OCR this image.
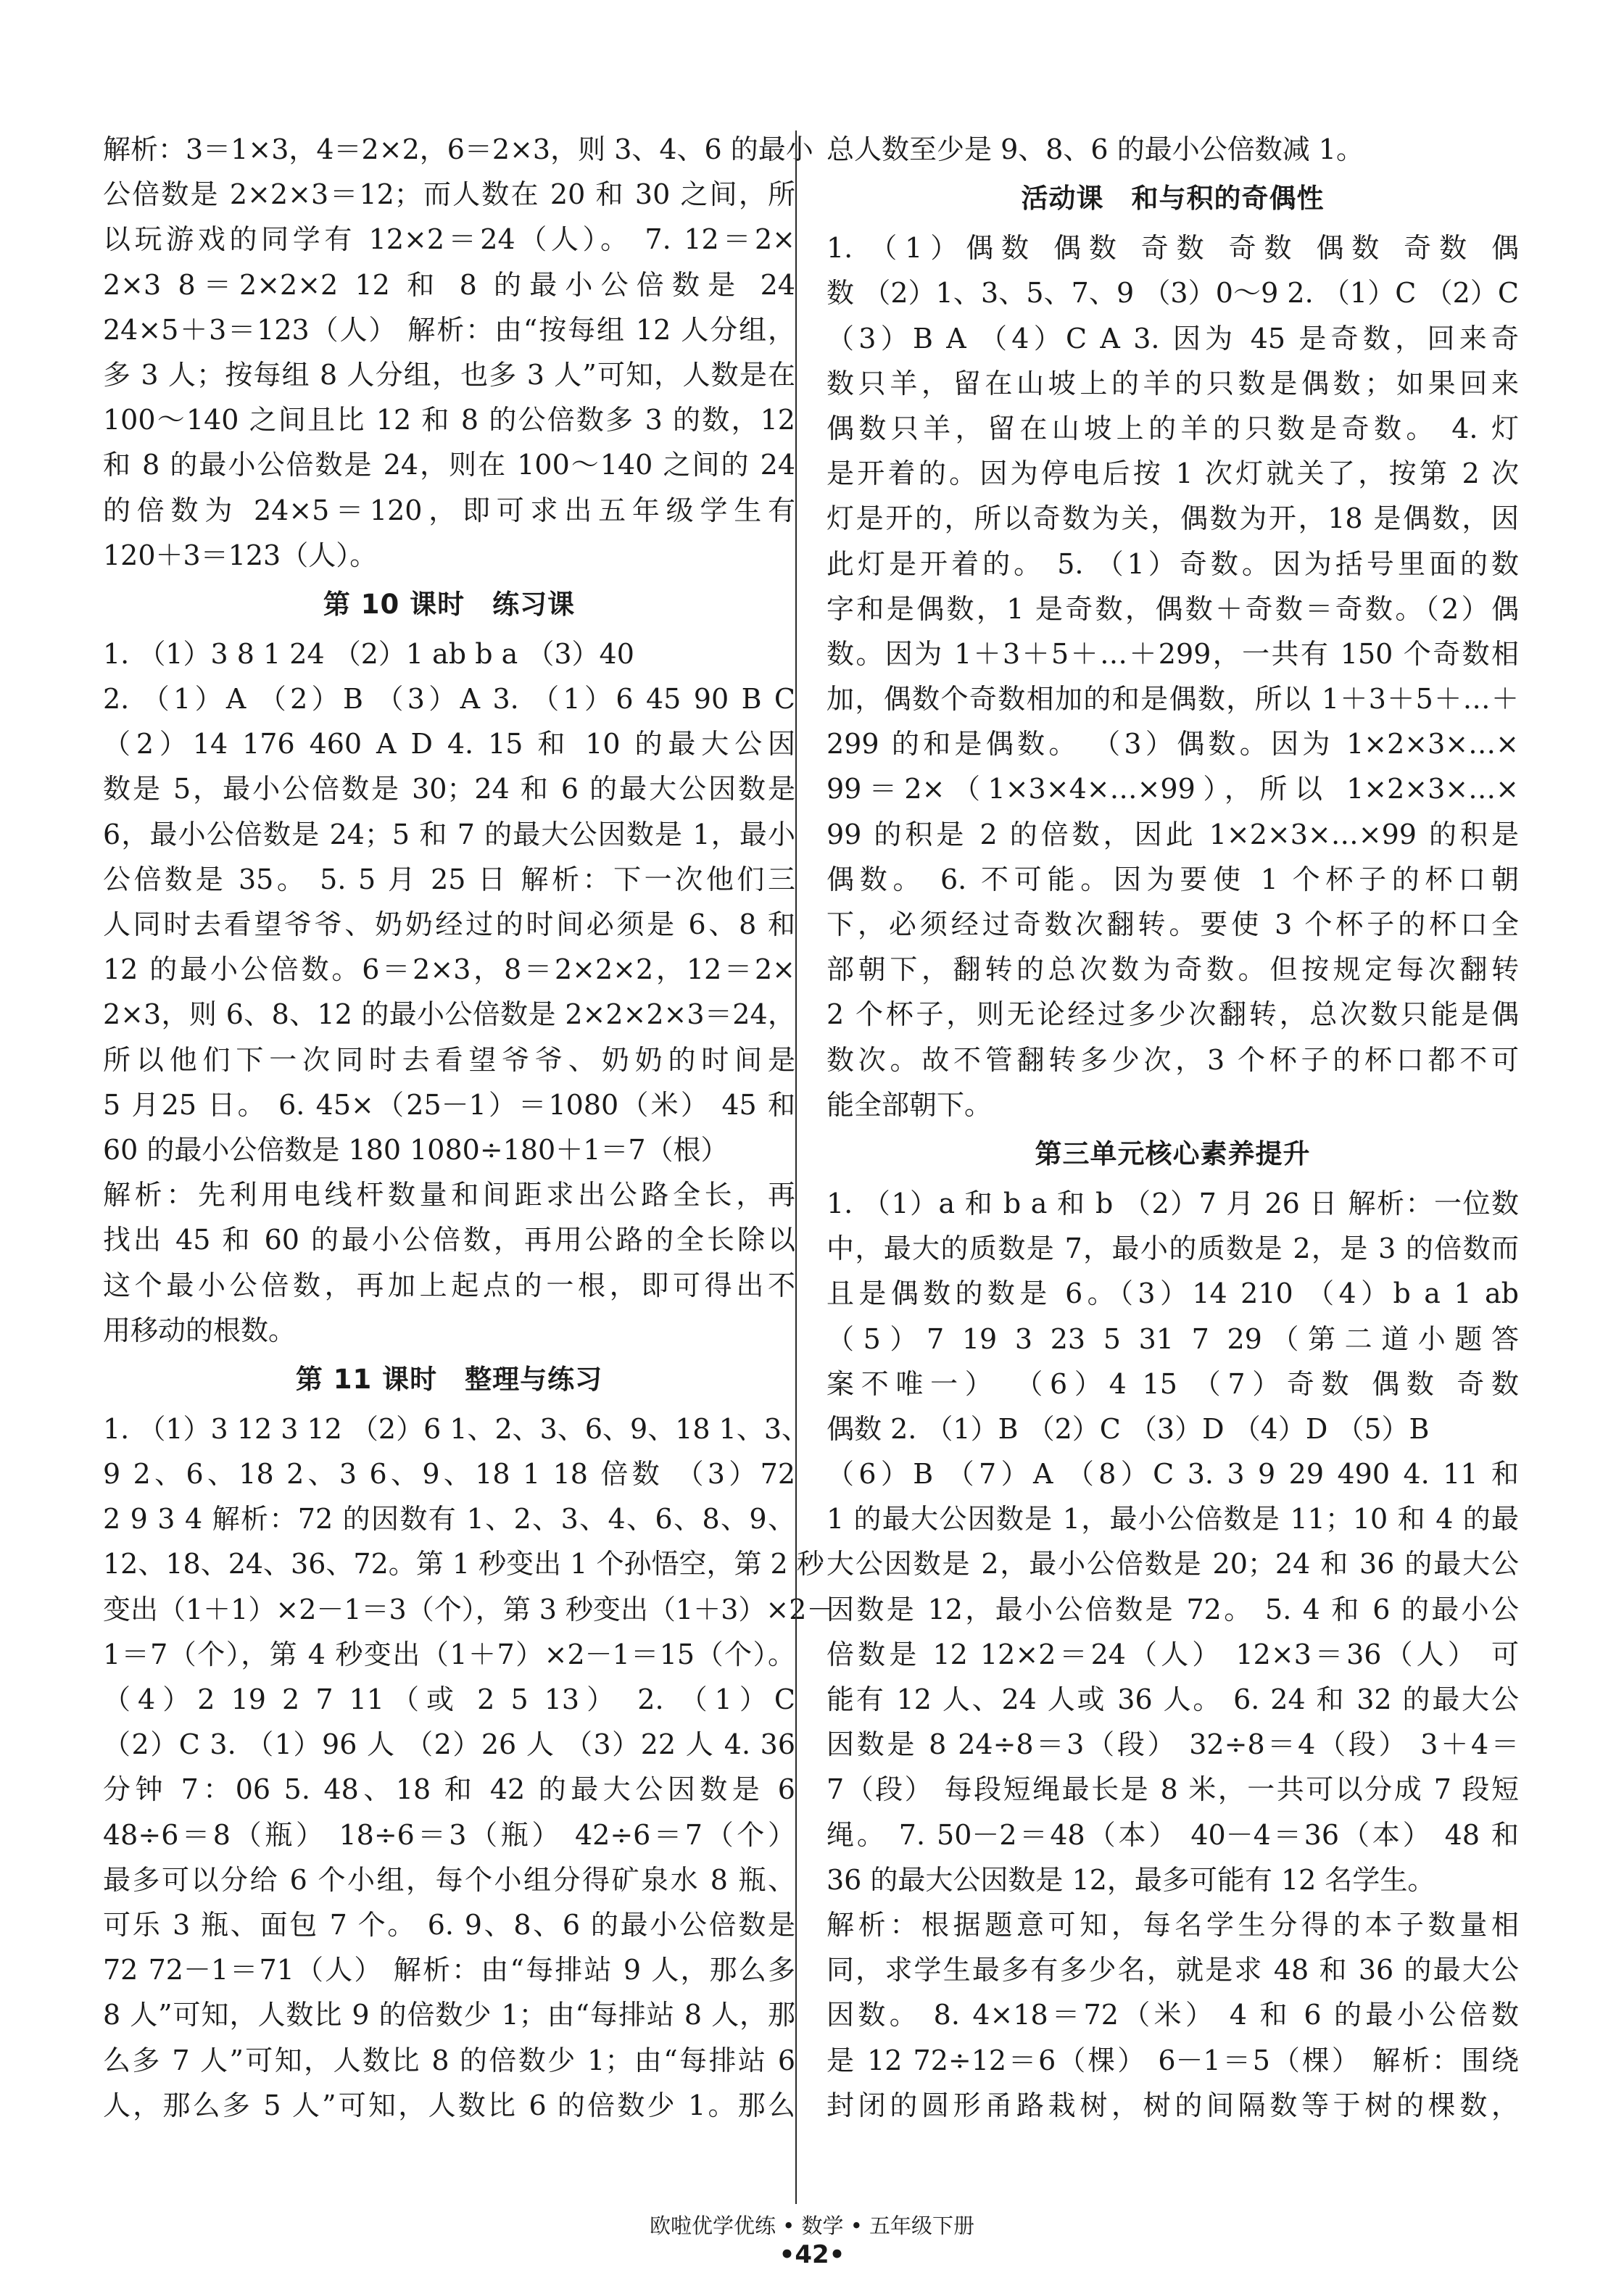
解析：3＝1×3，4＝2×2，6＝2×3，则 3、4、6 的最小
公倍数是 2×2×3＝12；而人数在 20 和 30 之间，所
以玩游戏的同学有 12×2＝24（人）。 7. 12＝2×
2×3 8＝2×2×2 12 和 8 的最小公倍数是 24
24×5＋3＝123（人） 解析：由“按每组 12 人分组，
多 3 人；按每组 8 人分组，也多 3 人”可知，人数是在
100～140 之间且比 12 和 8 的公倍数多 3 的数，12
和 8 的最小公倍数是 24，则在 100～140 之间的 24
的倍数为 24×5＝120，即可求出五年级学生有
120＋3＝123（人）。
第 10 课时　练习课
1. （1）3 8 1 24 （2）1 ab b a （3）40
2. （1）A （2）B （3）A 3. （1）6 45 90 B C
（2）14 176 460 A D 4. 15 和 10 的最大公因
数是 5，最小公倍数是 30；24 和 6 的最大公因数是
6，最小公倍数是 24；5 和 7 的最大公因数是 1，最小
公倍数是 35。 5. 5 月 25 日 解析：下一次他们三
人同时去看望爷爷、奶奶经过的时间必须是 6、8 和
12 的最小公倍数。6＝2×3，8＝2×2×2，12＝2×
2×3，则 6、8、12 的最小公倍数是 2×2×2×3＝24，
所以他们下一次同时去看望爷爷、奶奶的时间是
5 月25 日。 6. 45×（25－1）＝1080（米） 45 和
60 的最小公倍数是 180 1080÷180＋1＝7（根）
解析：先利用电线杆数量和间距求出公路全长，再
找出 45 和 60 的最小公倍数，再用公路的全长除以
这个最小公倍数，再加上起点的一根，即可得出不
用移动的根数。
第 11 课时　整理与练习
1. （1）3 12 3 12 （2）6 1、2、3、6、9、18 1、3、
9 2、6、18 2、3 6、9、18 1 18 倍数 （3）72
2 9 3 4 解析：72 的因数有 1、2、3、4、6、8、9、
12、18、24、36、72。第 1 秒变出 1 个孙悟空，第 2 秒
变出（1＋1）×2－1＝3（个），第 3 秒变出（1＋3）×2－
1＝7（个），第 4 秒变出（1＋7）×2－1＝15（个）。
（4）2 19 2 7 11（或 2 5 13） 2. （1）C
（2）C 3. （1）96 人 （2）26 人 （3）22 人 4. 36
分钟 7：06 5. 48、18 和 42 的最大公因数是 6
48÷6＝8（瓶） 18÷6＝3（瓶） 42÷6＝7（个）
最多可以分给 6 个小组，每个小组分得矿泉水 8 瓶、
可乐 3 瓶、面包 7 个。 6. 9、8、6 的最小公倍数是
72 72－1＝71（人） 解析：由“每排站 9 人，那么多
8 人”可知，人数比 9 的倍数少 1；由“每排站 8 人，那
么多 7 人”可知，人数比 8 的倍数少 1；由“每排站 6
人，那么多 5 人”可知，人数比 6 的倍数少 1。那么
总人数至少是 9、8、6 的最小公倍数减 1。
活动课　和与积的奇偶性
1. （1）偶数 偶数 奇数 奇数 偶数 奇数 偶
数 （2）1、3、5、7、9 （3）0～9 2. （1）C （2）C
（3）B A （4）C A 3. 因为 45 是奇数，回来奇
数只羊，留在山坡上的羊的只数是偶数；如果回来
偶数只羊，留在山坡上的羊的只数是奇数。 4. 灯
是开着的。因为停电后按 1 次灯就关了，按第 2 次
灯是开的，所以奇数为关，偶数为开，18 是偶数，因
此灯是开着的。 5. （1）奇数。因为括号里面的数
字和是偶数，1 是奇数，偶数＋奇数＝奇数。（2）偶
数。因为 1＋3＋5＋…＋299，一共有 150 个奇数相
加，偶数个奇数相加的和是偶数，所以 1＋3＋5＋…＋
299 的和是偶数。 （3）偶数。因为 1×2×3×…×
99＝2×（1×3×4×…×99），所以 1×2×3×…×
99 的积是 2 的倍数，因此 1×2×3×…×99 的积是
偶数。 6. 不可能。因为要使 1 个杯子的杯口朝
下，必须经过奇数次翻转。要使 3 个杯子的杯口全
部朝下，翻转的总次数为奇数。但按规定每次翻转
2 个杯子，则无论经过多少次翻转，总次数只能是偶
数次。故不管翻转多少次，3 个杯子的杯口都不可
能全部朝下。
第三单元核心素养提升
1. （1）a 和 b a 和 b （2）7 月 26 日 解析：一位数
中，最大的质数是 7，最小的质数是 2，是 3 的倍数而
且是偶数的数是 6。（3）14 210 （4）b a 1 ab
（5）7 19 3 23 5 31 7 29（第二道小题答
案不唯一） （6）4 15 （7）奇数 偶数 奇数
偶数 2. （1）B （2）C （3）D （4）D （5）B
（6）B （7）A （8）C 3. 3 9 29 490 4. 11 和
1 的最大公因数是 1，最小公倍数是 11；10 和 4 的最
大公因数是 2，最小公倍数是 20；24 和 36 的最大公
因数是 12，最小公倍数是 72。 5. 4 和 6 的最小公
倍数是 12 12×2＝24（人） 12×3＝36（人） 可
能有 12 人、24 人或 36 人。 6. 24 和 32 的最大公
因数是 8 24÷8＝3（段） 32÷8＝4（段） 3＋4＝
7（段） 每段短绳最长是 8 米，一共可以分成 7 段短
绳。 7. 50－2＝48（本） 40－4＝36（本） 48 和
36 的最大公因数是 12，最多可能有 12 名学生。
解析：根据题意可知，每名学生分得的本子数量相
同，求学生最多有多少名，就是求 48 和 36 的最大公
因数。 8. 4×18＝72（米） 4 和 6 的最小公倍数
是 12 72÷12＝6（棵） 6－1＝5（棵） 解析：围绕
封闭的圆形甬路栽树，树的间隔数等于树的棵数，
欧啦优学优练 • 数学 • 五年级下册
•42•
